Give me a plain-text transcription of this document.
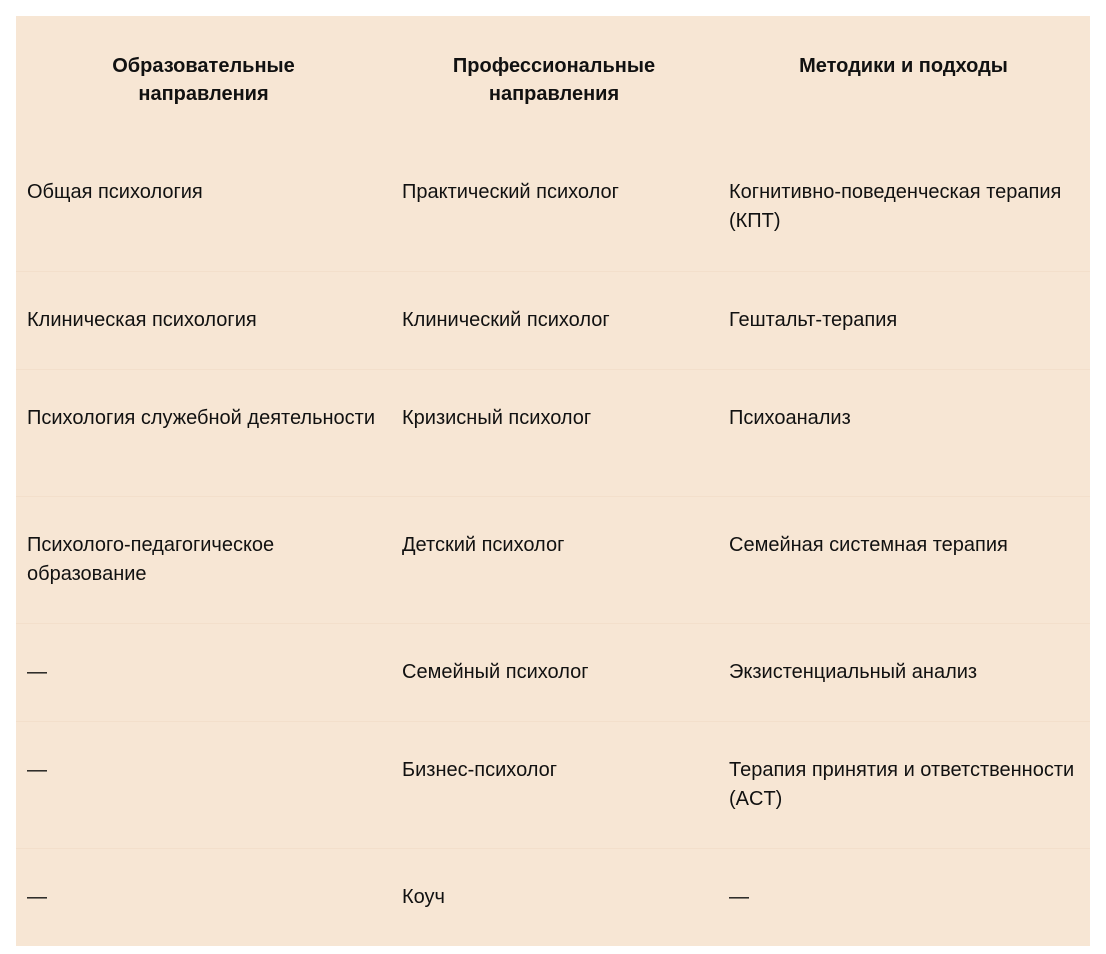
Образовательные направления	Профессиональные направления	Методики и подходы
Общая психология	Практический психолог	Когнитивно-поведенческая терапия (КПТ)
Клиническая психология	Клинический психолог	Гештальт-терапия
Психология служебной деятельности	Кризисный психолог	Психоанализ
Психолого-педагогическое образование	Детский психолог	Семейная системная терапия
—	Семейный психолог	Экзистенциальный анализ
—	Бизнес-психолог	Терапия принятия и ответственности (ACT)
—	Коуч	—
